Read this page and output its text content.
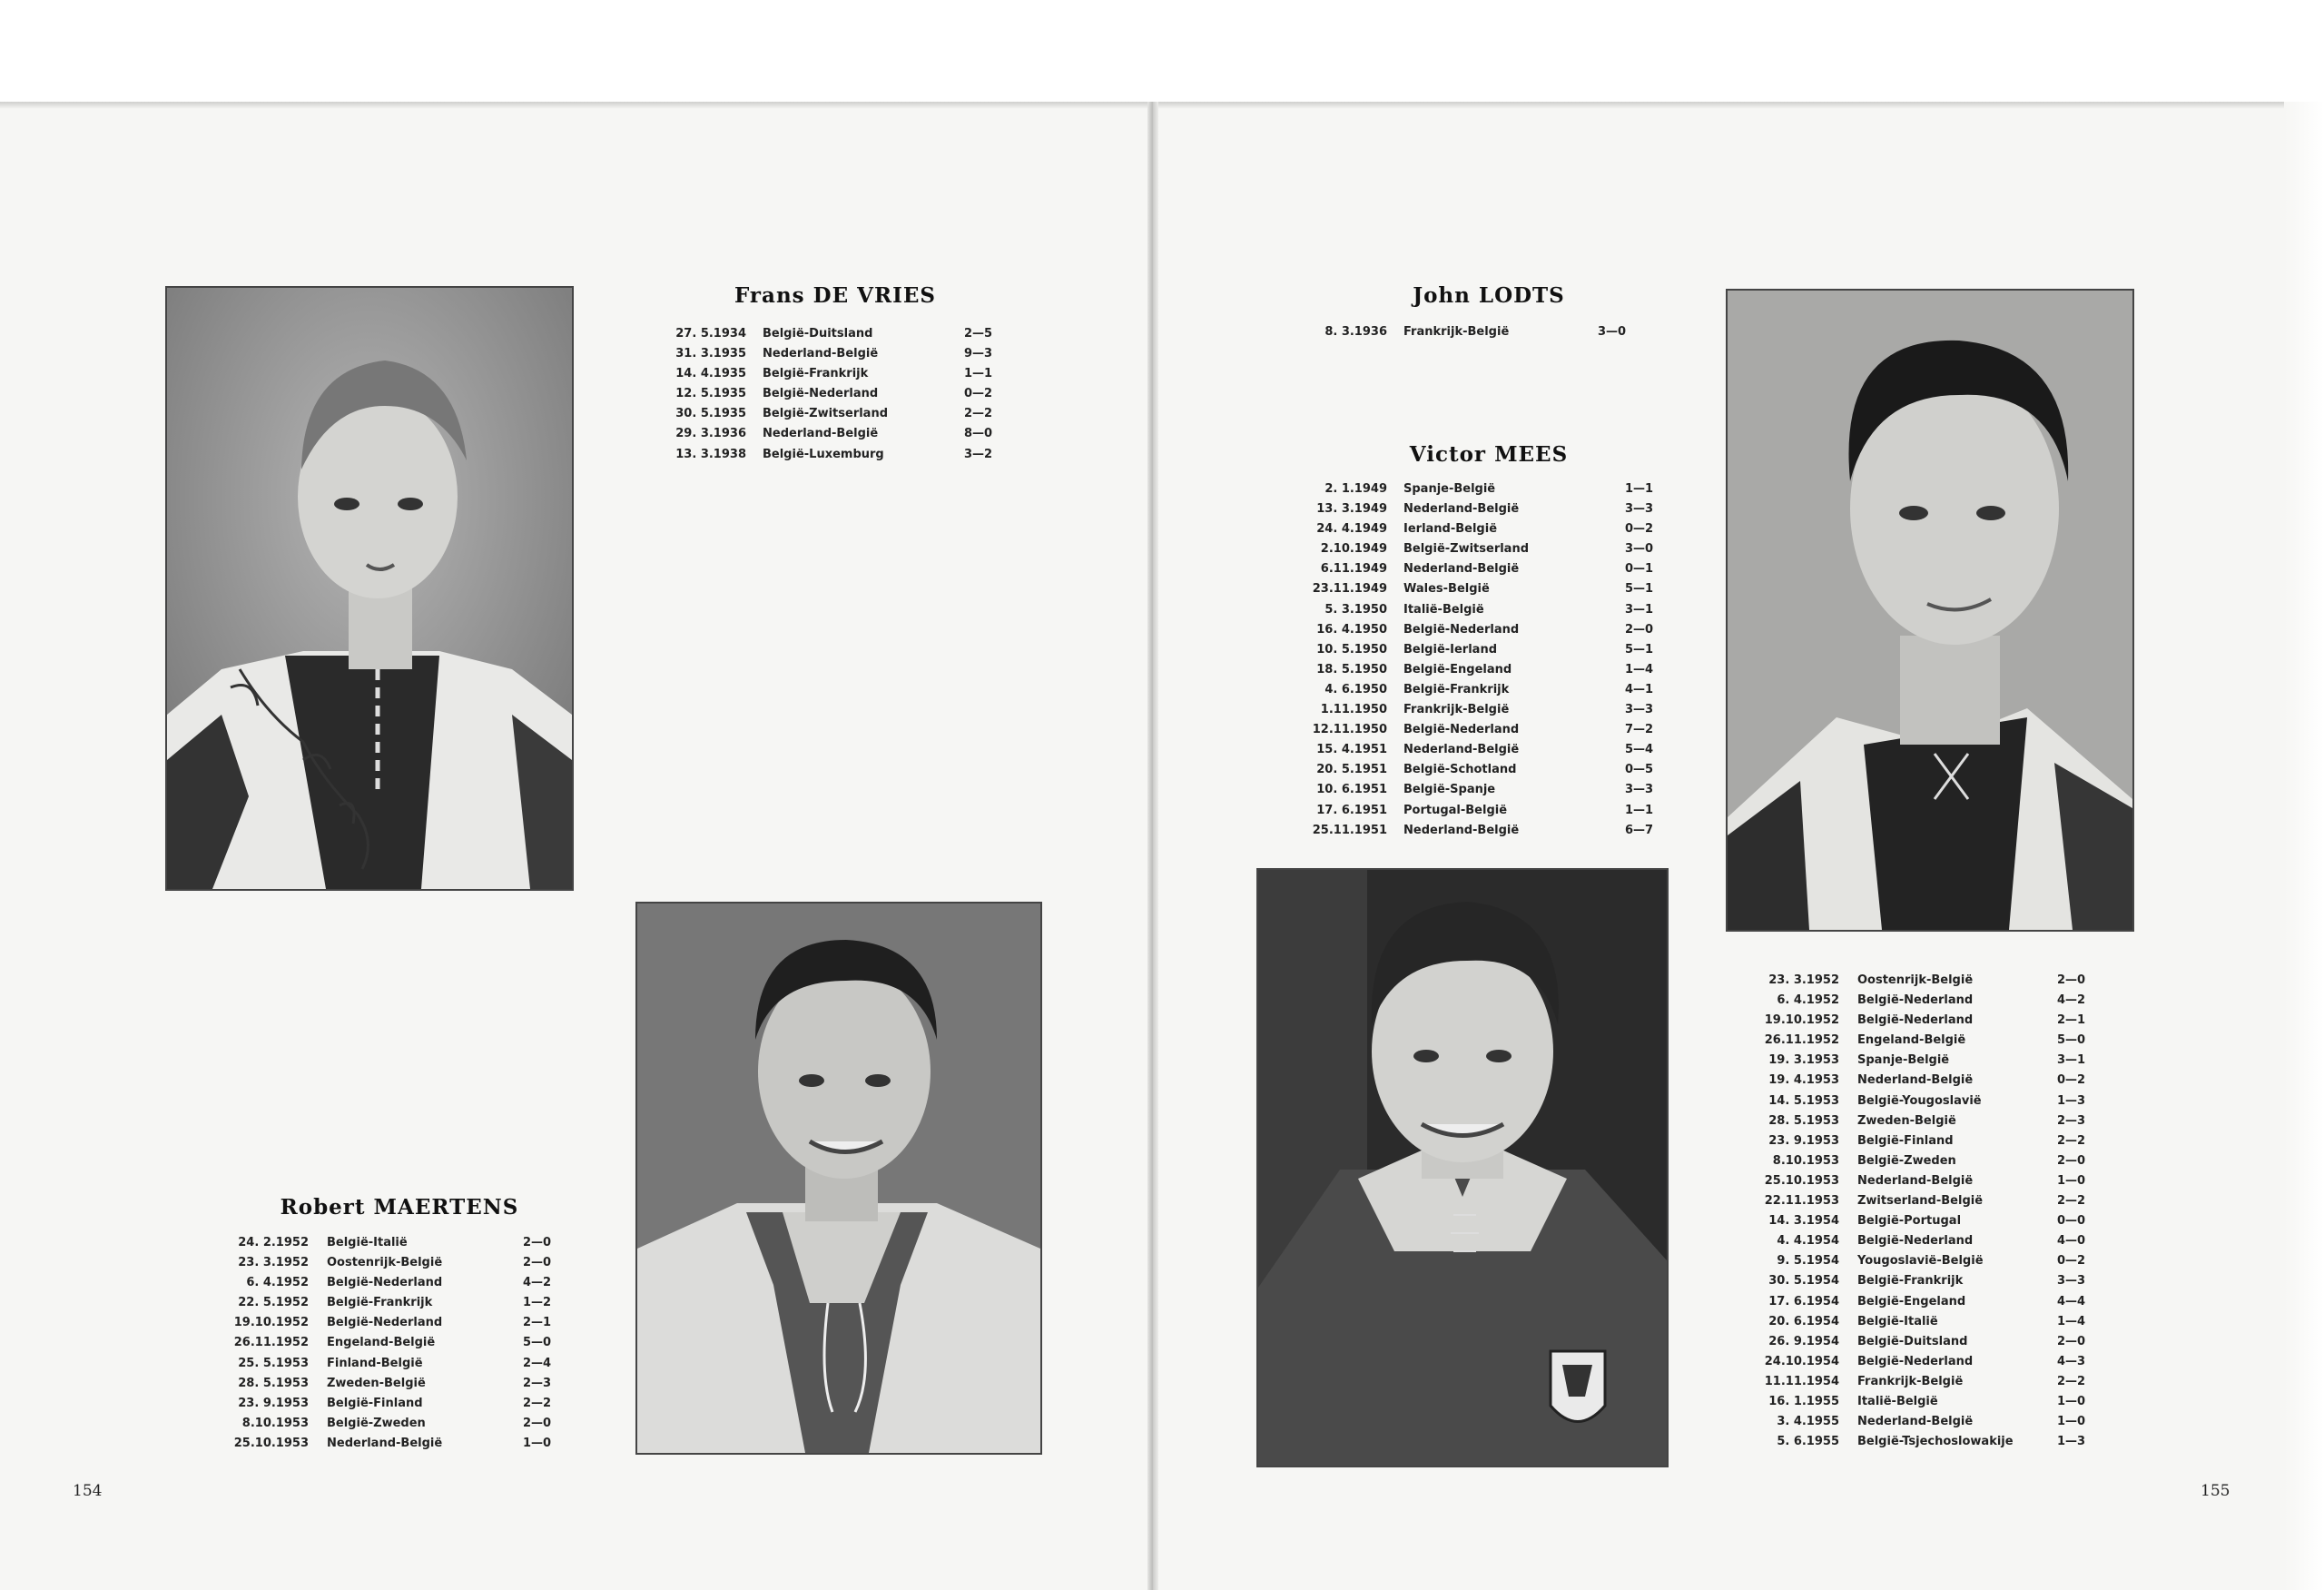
Frans DE VRIES
27. 5.1934 België-Duitsland	2—5
31. 3.1935 Nederland-België	9—3
14. 4.1935 België-Frankrijk	1—1
12. 5.1935 België-Nederland	0—2
30. 5.1935 België-Zwitserland	2—2
29. 3.1936 Nederland-België	8—0
13. 3.1938 België-Luxemburg	3—2
John LODTS
8. 3.1936 Frankrijk-België	3—0
Victor MEES
2. 1.1949 Spanje-België	1—1
13. 3.1949 Nederland-België	3—3
24. 4.1949 Ierland-België	0—2
2.10.1949 België-Zwitserland	3—0
6.11.1949 Nederland-België	0—1
23.11.1949 Wales-België	5—1
5. 3.1950 Italië-België	3—1
16. 4.1950 België-Nederland	2—0
10. 5.1950 België-Ierland	5—1
18. 5.1950 België-Engeland	1—4
4. 6.1950 België-Frankrijk	4—1
1.11.1950 Frankrijk-België	3—3
12.11.1950 België-Nederland	7—2
15. 4.1951 Nederland-België	5—4
20. 5.1951 België-Schotland	0—5
10. 6.1951 België-Spanje	3—3
17. 6.1951 Portugal-België	1—1
25.11.1951 Nederland-België	6—7
23. 3.1952 Oostenrijk-België	2—0
6. 4.1952 België-Nederland	4—2
19.10.1952 België-Nederland	2—1
26.11.1952 Engeland-België	5—0
19. 3.1953 Spanje-België	3—1
19. 4.1953 Nederland-België	0—2
14. 5.1953 België-Yougoslavië	1—3
28. 5.1953 Zweden-België	2—3
23. 9.1953 België-Finland	2—2
8.10.1953 België-Zweden	2—0
25.10.1953 Nederland-België	1—0
22.11.1953 Zwitserland-België	2—2
14. 3.1954 België-Portugal	0—0
4. 4.1954 België-Nederland	4—0
9. 5.1954 Yougoslavië-België	0—2
30. 5.1954 België-Frankrijk	3—3
17. 6.1954 België-Engeland	4—4
20. 6.1954 België-Italië	1—4
26. 9.1954 België-Duitsland	2—0
24.10.1954 België-Nederland	4—3
11.11.1954 Frankrijk-België	2—2
16. 1.1955 Italië-België	1—0
3. 4.1955 Nederland-België	1—0
5. 6.1955 België-Tsjechoslowakije	1—3
Robert MAERTENS
24. 2.1952 België-Italië	2—0
23. 3.1952 Oostenrijk-België	2—0
6. 4.1952 België-Nederland	4—2
22. 5.1952 België-Frankrijk	1—2
19.10.1952 België-Nederland	2—1
26.11.1952 Engeland-België	5—0
25. 5.1953 Finland-België	2—4
28. 5.1953 Zweden-België	2—3
23. 9.1953 België-Finland	2—2
8.10.1953 België-Zweden	2—0
25.10.1953 Nederland-België	1—0
154	155
